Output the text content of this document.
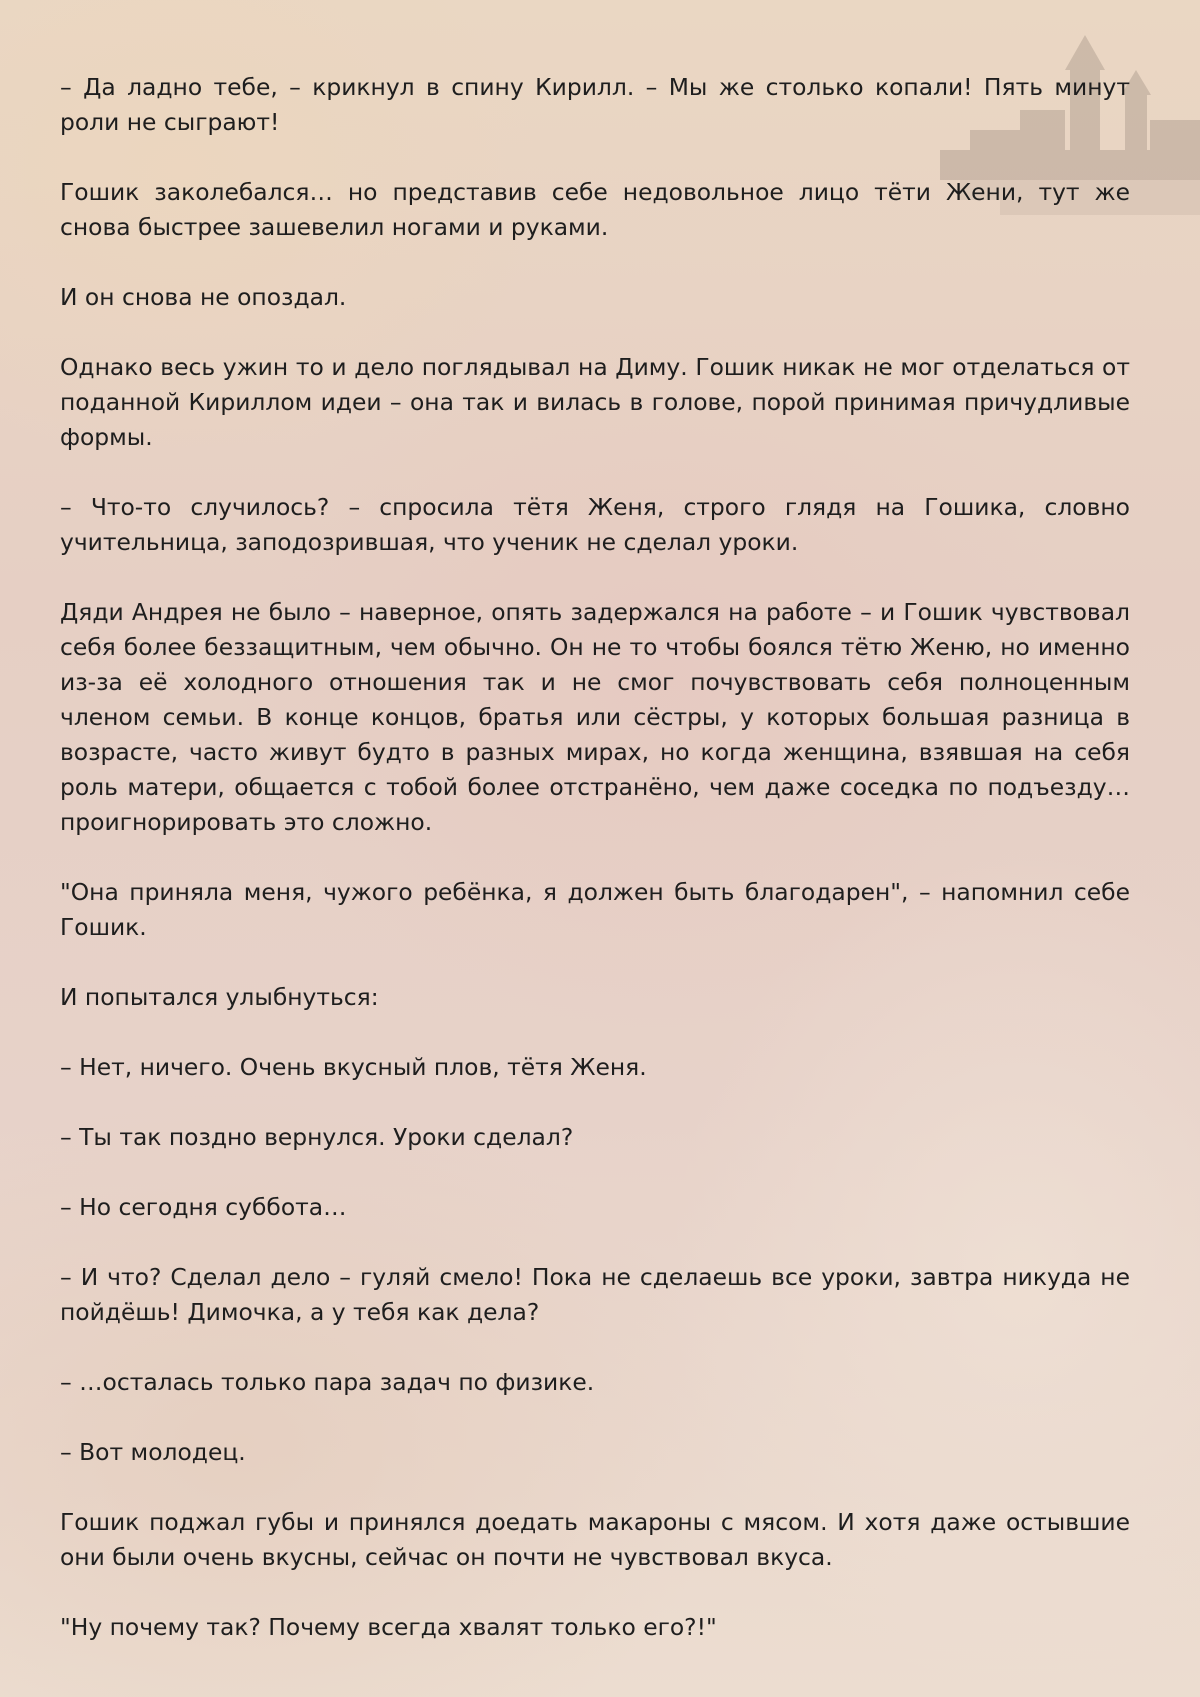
– Да ладно тебе, – крикнул в спину Кирилл. – Мы же столько копали! Пять минут роли не сыграют!

Гошик заколебался… но представив себе недовольное лицо тёти Жени, тут же снова быстрее зашевелил ногами и руками.

И он снова не опоздал.

Однако весь ужин то и дело поглядывал на Диму. Гошик никак не мог отделаться от поданной Кириллом идеи – она так и вилась в голове, порой принимая причудливые формы.

– Что-то случилось? – спросила тётя Женя, строго глядя на Гошика, словно учительница, заподозрившая, что ученик не сделал уроки.

Дяди Андрея не было – наверное, опять задержался на работе – и Гошик чувствовал себя более беззащитным, чем обычно. Он не то чтобы боялся тётю Женю, но именно из-за её холодного отношения так и не смог почувствовать себя полноценным членом семьи. В конце концов, братья или сёстры, у которых большая разница в возрасте, часто живут будто в разных мирах, но когда женщина, взявшая на себя роль матери, общается с тобой более отстранёно, чем даже соседка по подъезду… проигнорировать это сложно.

"Она приняла меня, чужого ребёнка, я должен быть благодарен", – напомнил себе Гошик.

И попытался улыбнуться:

– Нет, ничего. Очень вкусный плов, тётя Женя.

– Ты так поздно вернулся. Уроки сделал?

– Но сегодня суббота…

– И что? Сделал дело – гуляй смело! Пока не сделаешь все уроки, завтра никуда не пойдёшь! Димочка, а у тебя как дела?

– …осталась только пара задач по физике.

– Вот молодец.

Гошик поджал губы и принялся доедать макароны с мясом. И хотя даже остывшие они были очень вкусны, сейчас он почти не чувствовал вкуса.

"Ну почему так? Почему всегда хвалят только его?!"
